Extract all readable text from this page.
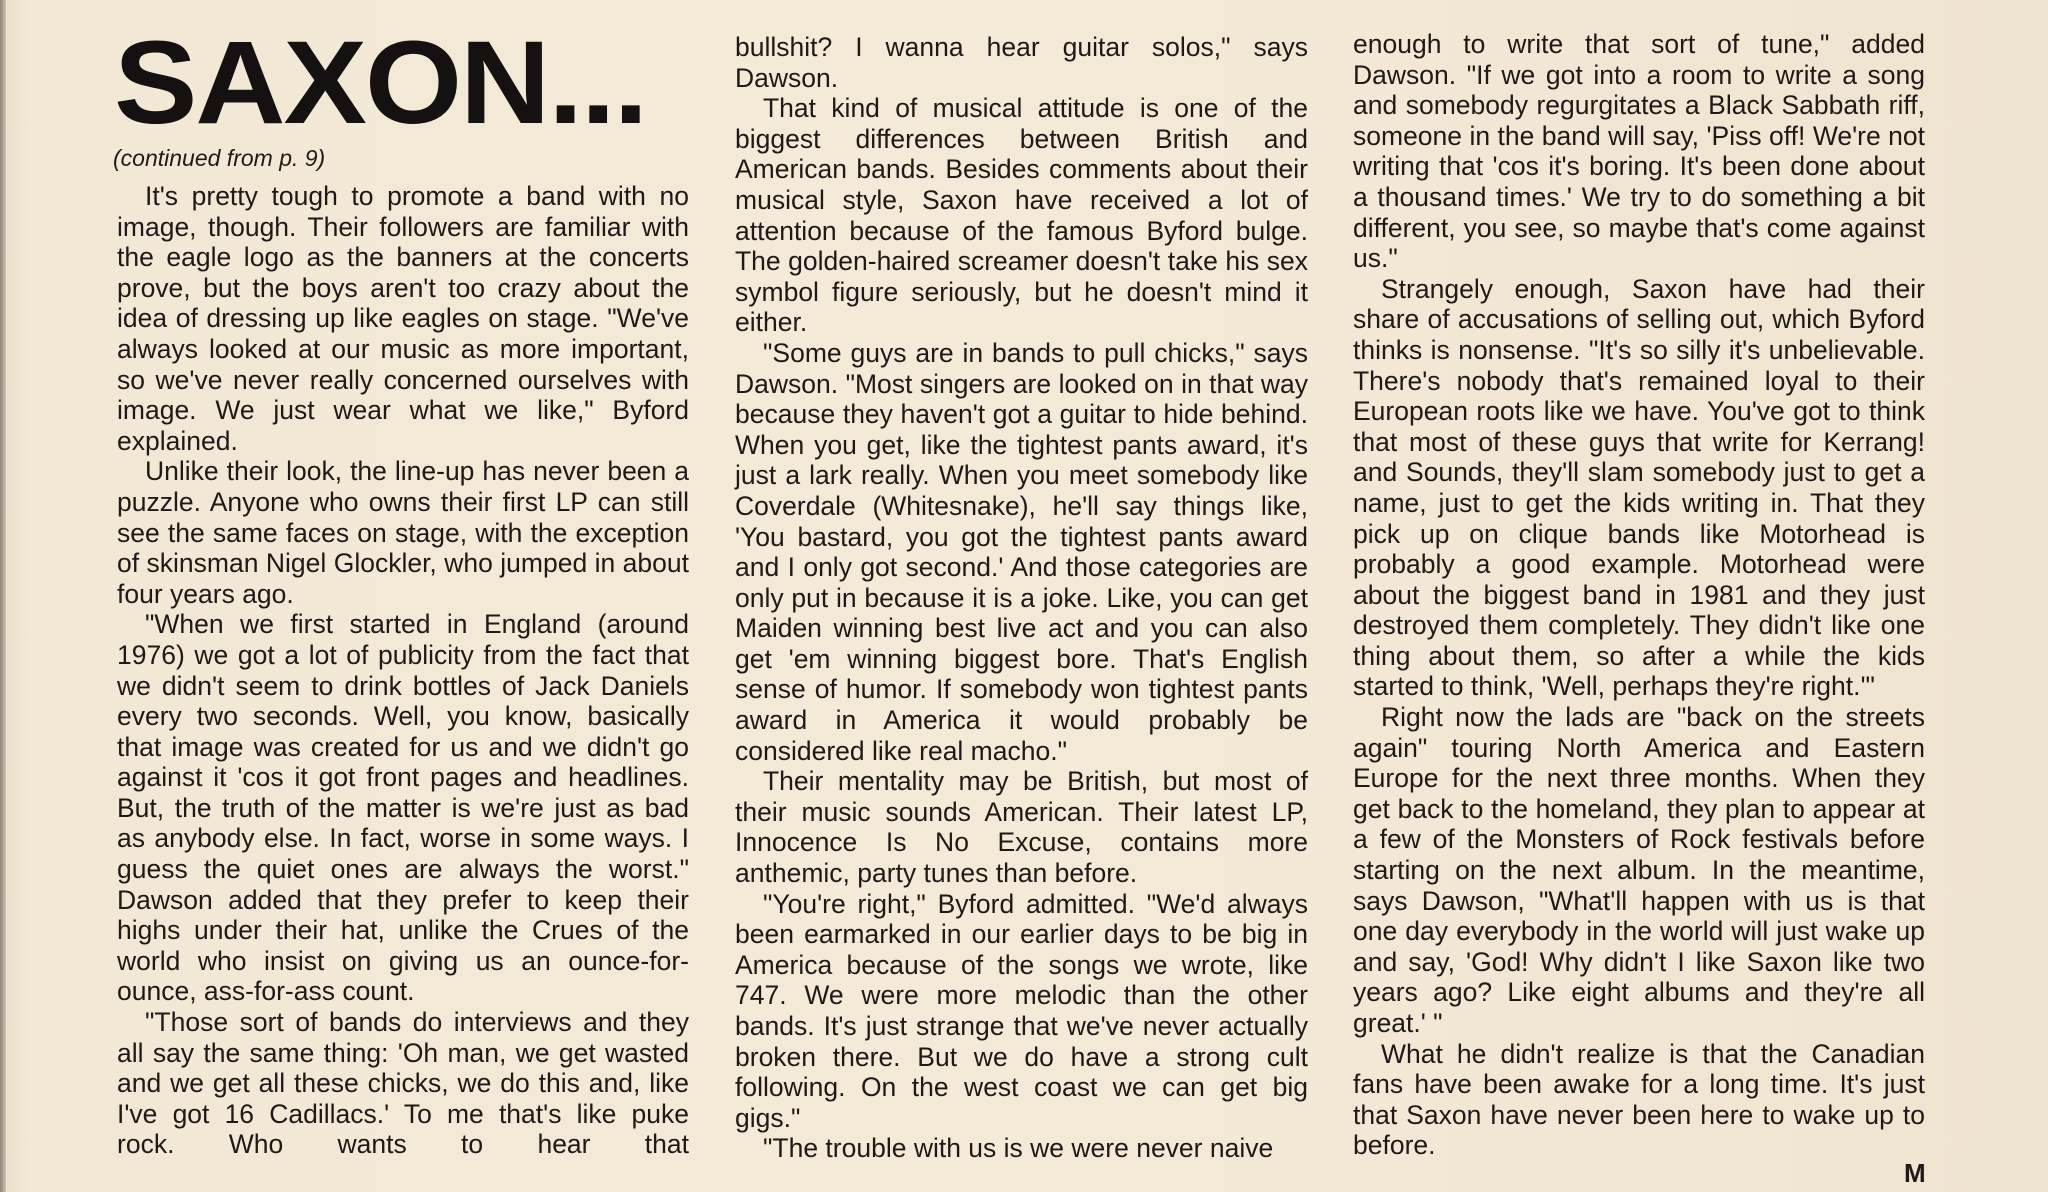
SAXON...
(continued from p. 9)

It's pretty tough to promote a band with no image, though. Their followers are familiar with the eagle logo as the banners at the concerts prove, but the boys aren't too crazy about the idea of dressing up like eagles on stage. "We've always looked at our music as more important, so we've never really concerned ourselves with image. We just wear what we like," Byford explained.

Unlike their look, the line-up has never been a puzzle. Anyone who owns their first LP can still see the same faces on stage, with the exception of skinsman Nigel Glockler, who jumped in about four years ago.

"When we first started in England (around 1976) we got a lot of publicity from the fact that we didn't seem to drink bottles of Jack Daniels every two seconds. Well, you know, basically that image was created for us and we didn't go against it 'cos it got front pages and headlines. But, the truth of the matter is we're just as bad as anybody else. In fact, worse in some ways. I guess the quiet ones are always the worst." Dawson added that they prefer to keep their highs under their hat, unlike the Crues of the world who insist on giving us an ounce-for-ounce, ass-for-ass count.

"Those sort of bands do interviews and they all say the same thing: 'Oh man, we get wasted and we get all these chicks, we do this and, like I've got 16 Cadillacs.' To me that's like puke rock. Who wants to hear that

bullshit? I wanna hear guitar solos," says Dawson.

That kind of musical attitude is one of the biggest differences between British and American bands. Besides comments about their musical style, Saxon have received a lot of attention because of the famous Byford bulge. The golden-haired screamer doesn't take his sex symbol figure seriously, but he doesn't mind it either.

"Some guys are in bands to pull chicks," says Dawson. "Most singers are looked on in that way because they haven't got a guitar to hide behind. When you get, like the tightest pants award, it's just a lark really. When you meet somebody like Coverdale (Whitesnake), he'll say things like, 'You bastard, you got the tightest pants award and I only got second.' And those categories are only put in because it is a joke. Like, you can get Maiden winning best live act and you can also get 'em winning biggest bore. That's English sense of humor. If somebody won tightest pants award in America it would probably be considered like real macho."

Their mentality may be British, but most of their music sounds American. Their latest LP, Innocence Is No Excuse, contains more anthemic, party tunes than before.

"You're right," Byford admitted. "We'd always been earmarked in our earlier days to be big in America because of the songs we wrote, like 747. We were more melodic than the other bands. It's just strange that we've never actually broken there. But we do have a strong cult following. On the west coast we can get big gigs."

"The trouble with us is we were never naive

enough to write that sort of tune," added Dawson. "If we got into a room to write a song and somebody regurgitates a Black Sabbath riff, someone in the band will say, 'Piss off! We're not writing that 'cos it's boring. It's been done about a thousand times.' We try to do something a bit different, you see, so maybe that's come against us."

Strangely enough, Saxon have had their share of accusations of selling out, which Byford thinks is nonsense. "It's so silly it's unbelievable. There's nobody that's remained loyal to their European roots like we have. You've got to think that most of these guys that write for Kerrang! and Sounds, they'll slam somebody just to get a name, just to get the kids writing in. That they pick up on clique bands like Motorhead is probably a good example. Motorhead were about the biggest band in 1981 and they just destroyed them completely. They didn't like one thing about them, so after a while the kids started to think, 'Well, perhaps they're right.'"

Right now the lads are "back on the streets again" touring North America and Eastern Europe for the next three months. When they get back to the homeland, they plan to appear at a few of the Monsters of Rock festivals before starting on the next album. In the meantime, says Dawson, "What'll happen with us is that one day everybody in the world will just wake up and say, 'God! Why didn't I like Saxon like two years ago? Like eight albums and they're all great.' "

What he didn't realize is that the Canadian fans have been awake for a long time. It's just that Saxon have never been here to wake up to before.

M
